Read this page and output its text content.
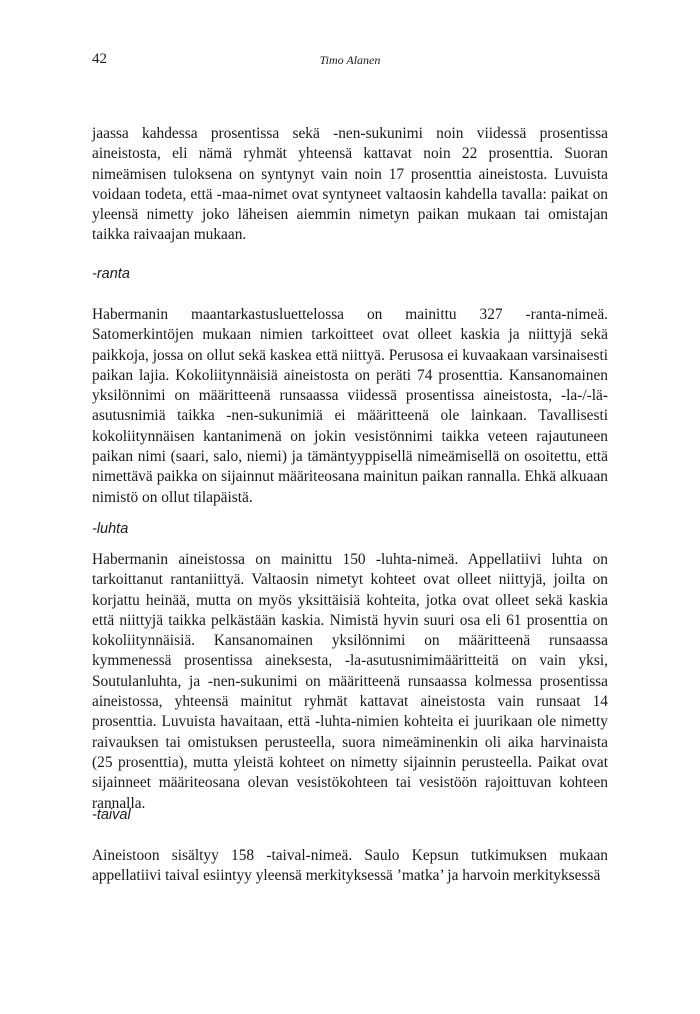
42	Timo Alanen

jaassa kahdessa prosentissa sekä -nen-sukunimi noin viidessä prosentissa aineistosta, eli nämä ryhmät yhteensä kattavat noin 22 prosenttia. Suoran nimeämisen tuloksena on syntynyt vain noin 17 prosenttia aineistosta. Luvuista voidaan todeta, että -maa-nimet ovat syntyneet valtaosin kahdella tavalla: paikat on yleensä nimetty joko läheisen aiemmin nimetyn paikan mukaan tai omistajan taikka raivaajan mukaan.

-ranta

Habermanin maantarkastusluettelossa on mainittu 327 -ranta-nimeä. Satomerkintöjen mukaan nimien tarkoitteet ovat olleet kaskia ja niittyjä sekä paikkoja, jossa on ollut sekä kaskea että niittyä. Perusosa ei kuvaakaan varsinaisesti paikan lajia. Kokoliitynnäisiä aineistosta on peräti 74 prosenttia. Kansanomainen yksilönnimi on määritteenä runsaassa viidessä prosentissa aineistosta, -la-/-lä-asutusnimiä taikka -nen-sukunimiä ei määritteenä ole lainkaan. Tavallisesti kokoliitynnäisen kantanimenä on jokin vesistönnimi taikka veteen rajautuneen paikan nimi (saari, salo, niemi) ja tämäntyyppisellä nimeämisellä on osoitettu, että nimettävä paikka on sijainnut määriteosana mainitun paikan rannalla. Ehkä alkuaan nimistö on ollut tilapäistä.

-luhta

Habermanin aineistossa on mainittu 150 -luhta-nimeä. Appellatiivi luhta on tarkoittanut rantaniittyä. Valtaosin nimetyt kohteet ovat olleet niittyjä, joilta on korjattu heinää, mutta on myös yksittäisiä kohteita, jotka ovat olleet sekä kaskia että niittyjä taikka pelkästään kaskia. Nimistä hyvin suuri osa eli 61 prosenttia on kokoliitynnäisiä. Kansanomainen yksilönnimi on määritteenä runsaassa kymmenessä prosentissa aineksesta, -la-asutusnimimääritteitä on vain yksi, Soutulanluhta, ja -nen-sukunimi on määritteenä runsaassa kolmessa prosentissa aineistossa, yhteensä mainitut ryhmät kattavat aineistosta vain runsaat 14 prosenttia. Luvuista havaitaan, että -luhta-nimien kohteita ei juurikaan ole nimetty raivauksen tai omistuksen perusteella, suora nimeäminenkin oli aika harvinaista (25 prosenttia), mutta yleistä kohteet on nimetty sijainnin perusteella. Paikat ovat sijainneet määriteosana olevan vesistökohteen tai vesistöön rajoittuvan kohteen rannalla.

-taival

Aineistoon sisältyy 158 -taival-nimeä. Saulo Kepsun tutkimuksen mukaan appellatiivi taival esiintyy yleensä merkityksessä ’matka’ ja harvoin merkityksessä
